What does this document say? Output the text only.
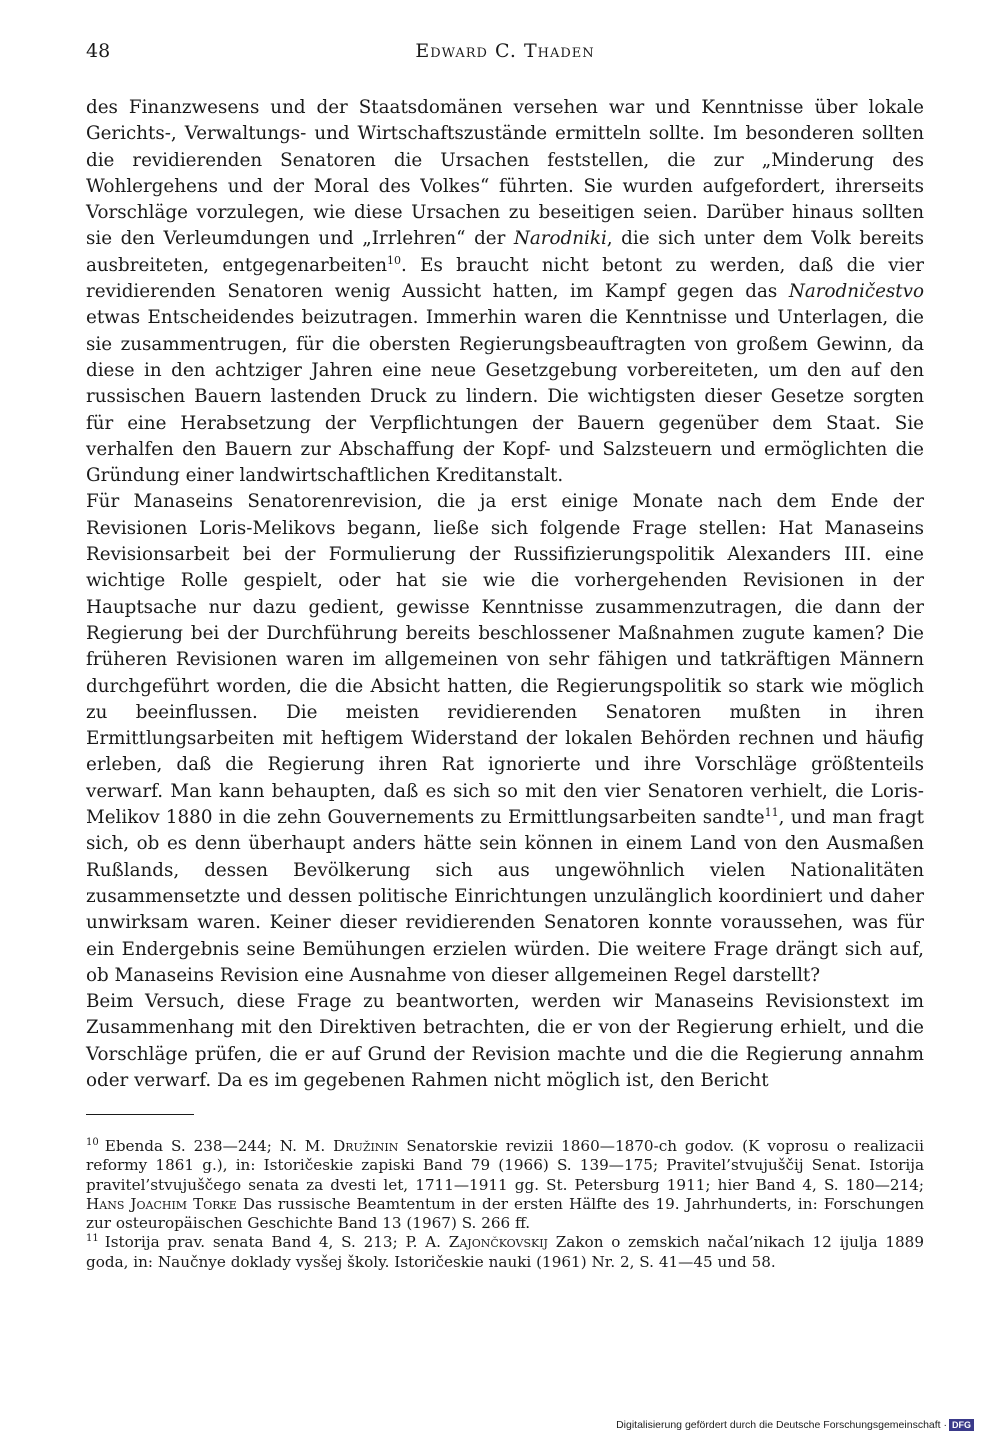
48	Edward C. Thaden

des Finanzwesens und der Staatsdomänen versehen war und Kenntnisse über lokale Gerichts-, Verwaltungs- und Wirtschaftszustände ermitteln sollte. Im besonderen sollten die revidierenden Senatoren die Ursachen feststellen, die zur „Minderung des Wohlergehens und der Moral des Volkes“ führten. Sie wurden aufgefordert, ihrerseits Vorschläge vorzulegen, wie diese Ursachen zu beseitigen seien. Darüber hinaus sollten sie den Verleumdungen und „Irrlehren“ der Narodniki, die sich unter dem Volk bereits ausbreiteten, entgegenarbeiten$^{10}$. Es braucht nicht betont zu werden, daß die vier revidierenden Senatoren wenig Aussicht hatten, im Kampf gegen das Narodničestvo etwas Entscheidendes beizutragen. Immerhin waren die Kenntnisse und Unterlagen, die sie zusammentrugen, für die obersten Regierungsbeauftragten von großem Gewinn, da diese in den achtziger Jahren eine neue Gesetzgebung vorbereiteten, um den auf den russischen Bauern lastenden Druck zu lindern. Die wichtigsten dieser Gesetze sorgten für eine Herabsetzung der Verpflichtungen der Bauern gegenüber dem Staat. Sie verhalfen den Bauern zur Abschaffung der Kopf- und Salzsteuern und ermöglichten die Gründung einer landwirtschaftlichen Kreditanstalt.

Für Manaseins Senatorenrevision, die ja erst einige Monate nach dem Ende der Revisionen Loris-Melikovs begann, ließe sich folgende Frage stellen: Hat Manaseins Revisionsarbeit bei der Formulierung der Russifizierungspolitik Alexanders III. eine wichtige Rolle gespielt, oder hat sie wie die vorhergehenden Revisionen in der Hauptsache nur dazu gedient, gewisse Kenntnisse zusammenzutragen, die dann der Regierung bei der Durchführung bereits beschlossener Maßnahmen zugute kamen? Die früheren Revisionen waren im allgemeinen von sehr fähigen und tatkräftigen Männern durchgeführt worden, die die Absicht hatten, die Regierungspolitik so stark wie möglich zu beeinflussen. Die meisten revidierenden Senatoren mußten in ihren Ermittlungsarbeiten mit heftigem Widerstand der lokalen Behörden rechnen und häufig erleben, daß die Regierung ihren Rat ignorierte und ihre Vorschläge größtenteils verwarf. Man kann behaupten, daß es sich so mit den vier Senatoren verhielt, die Loris-Melikov 1880 in die zehn Gouvernements zu Ermittlungsarbeiten sandte$^{11}$, und man fragt sich, ob es denn überhaupt anders hätte sein können in einem Land von den Ausmaßen Rußlands, dessen Bevölkerung sich aus ungewöhnlich vielen Nationalitäten zusammensetzte und dessen politische Einrichtungen unzulänglich koordiniert und daher unwirksam waren. Keiner dieser revidierenden Senatoren konnte voraussehen, was für ein Endergebnis seine Bemühungen erzielen würden. Die weitere Frage drängt sich auf, ob Manaseins Revision eine Ausnahme von dieser allgemeinen Regel darstellt?

Beim Versuch, diese Frage zu beantworten, werden wir Manaseins Revisionstext im Zusammenhang mit den Direktiven betrachten, die er von der Regierung erhielt, und die Vorschläge prüfen, die er auf Grund der Revision machte und die die Regierung annahm oder verwarf. Da es im gegebenen Rahmen nicht möglich ist, den Bericht

$^{10}$ Ebenda S. 238—244; N. M. Družinin Senatorskie revizii 1860—1870-ch godov. (K voprosu o realizacii reformy 1861 g.), in: Istoričeskie zapiski Band 79 (1966) S. 139—175; Pravitel’stvujuščij Senat. Istorija pravitel’stvujuščego senata za dvesti let, 1711—1911 gg. St. Petersburg 1911; hier Band 4, S. 180—214; Hans Joachim Torke Das russische Beamtentum in der ersten Hälfte des 19. Jahrhunderts, in: Forschungen zur osteuropäischen Geschichte Band 13 (1967) S. 266 ff.

$^{11}$ Istorija prav. senata Band 4, S. 213; P. A. Zajončkovskij Zakon o zemskich načal’nikach 12 ijulja 1889 goda, in: Naučnye doklady vysšej školy. Istoričeskie nauki (1961) Nr. 2, S. 41—45 und 58.

Digitalisierung gefördert durch die Deutsche Forschungsgemeinschaft · DFG
